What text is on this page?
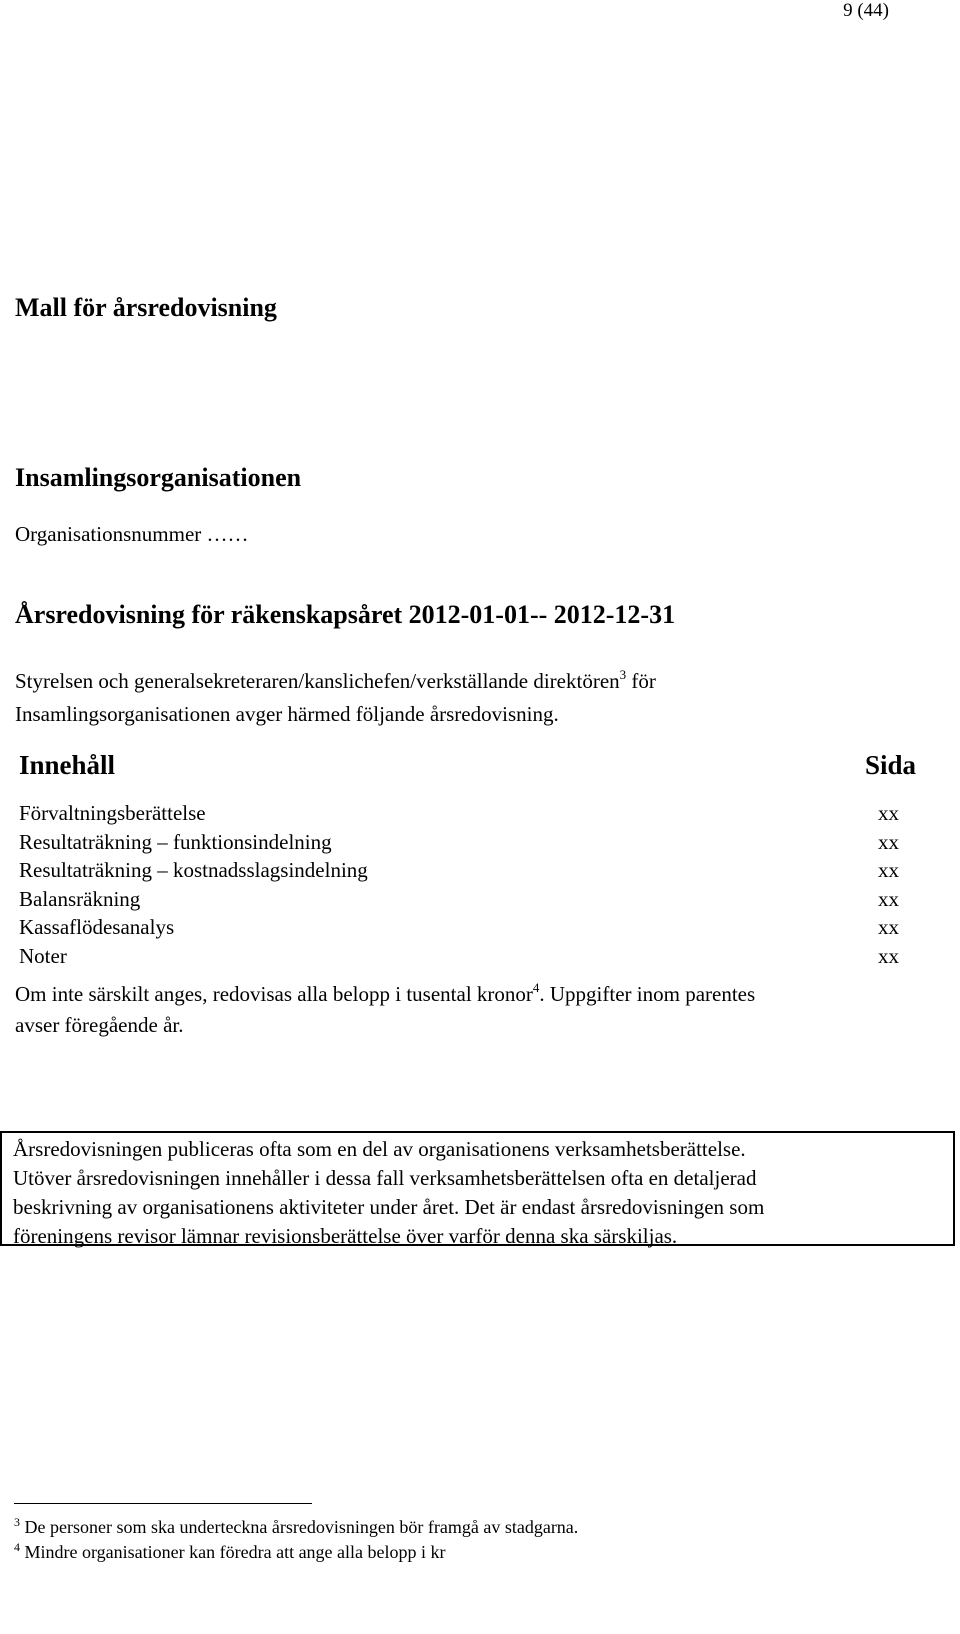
9 (44)
Mall för årsredovisning
Insamlingsorganisationen
Organisationsnummer ……
Årsredovisning för räkenskapsåret 2012-01-01-- 2012-12-31
Styrelsen och generalsekreteraren/kanslichefen/verkställande direktören$^3$ för
Insamlingsorganisationen avger härmed följande årsredovisning.
Innehåll	Sida
Förvaltningsberättelse	xx
Resultaträkning – funktionsindelning	xx
Resultaträkning – kostnadsslagsindelning	xx
Balansräkning	xx
Kassaflödesanalys	xx
Noter	xx
Om inte särskilt anges, redovisas alla belopp i tusental kronor$^4$. Uppgifter inom parentes
avser föregående år.
Årsredovisningen publiceras ofta som en del av organisationens verksamhetsberättelse.
Utöver årsredovisningen innehåller i dessa fall verksamhetsberättelsen ofta en detaljerad
beskrivning av organisationens aktiviteter under året. Det är endast årsredovisningen som
föreningens revisor lämnar revisionsberättelse över varför denna ska särskiljas.
$^3$ De personer som ska underteckna årsredovisningen bör framgå av stadgarna.
$^4$ Mindre organisationer kan föredra att ange alla belopp i kr
